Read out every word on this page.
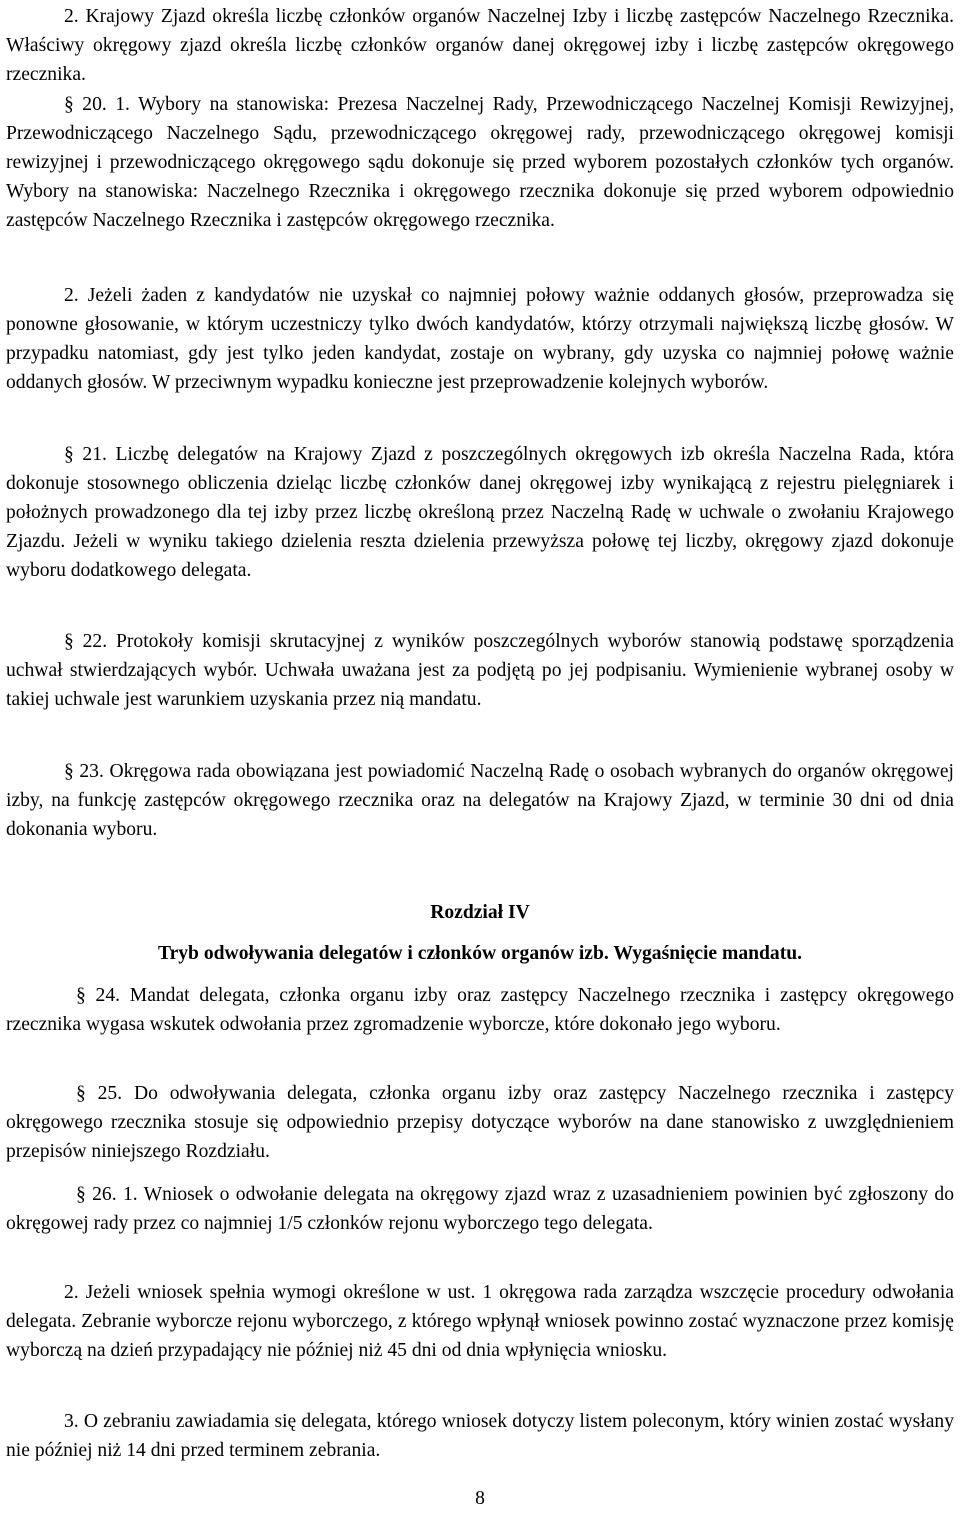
2. Krajowy Zjazd określa liczbę członków organów Naczelnej Izby i liczbę zastępców Naczelnego Rzecznika. Właściwy okręgowy zjazd określa liczbę członków organów danej okręgowej izby i liczbę zastępców okręgowego rzecznika.

§ 20. 1. Wybory na stanowiska: Prezesa Naczelnej Rady, Przewodniczącego Naczelnej Komisji Rewizyjnej, Przewodniczącego Naczelnego Sądu, przewodniczącego okręgowej rady, przewodniczącego okręgowej komisji rewizyjnej i przewodniczącego okręgowego sądu dokonuje się przed wyborem pozostałych członków tych organów. Wybory na stanowiska: Naczelnego Rzecznika i okręgowego rzecznika dokonuje się przed wyborem odpowiednio zastępców Naczelnego Rzecznika i zastępców okręgowego rzecznika.

2. Jeżeli żaden z kandydatów nie uzyskał co najmniej połowy ważnie oddanych głosów, przeprowadza się ponowne głosowanie, w którym uczestniczy tylko dwóch kandydatów, którzy otrzymali największą liczbę głosów. W przypadku natomiast, gdy jest tylko jeden kandydat, zostaje on wybrany, gdy uzyska co najmniej połowę ważnie oddanych głosów. W przeciwnym wypadku konieczne jest przeprowadzenie kolejnych wyborów.

§ 21. Liczbę delegatów na Krajowy Zjazd z poszczególnych okręgowych izb określa Naczelna Rada, która dokonuje stosownego obliczenia dzieląc liczbę członków danej okręgowej izby wynikającą z rejestru pielęgniarek i położnych prowadzonego dla tej izby przez liczbę określoną przez Naczelną Radę w uchwale o zwołaniu Krajowego Zjazdu. Jeżeli w wyniku takiego dzielenia reszta dzielenia przewyższa połowę tej liczby, okręgowy zjazd dokonuje wyboru dodatkowego delegata.

§ 22. Protokoły komisji skrutacyjnej z wyników poszczególnych wyborów stanowią podstawę sporządzenia uchwał stwierdzających wybór. Uchwała uważana jest za podjętą po jej podpisaniu. Wymienienie wybranej osoby w takiej uchwale jest warunkiem uzyskania przez nią mandatu.

§ 23. Okręgowa rada obowiązana jest powiadomić Naczelną Radę o osobach wybranych do organów okręgowej izby, na funkcję zastępców okręgowego rzecznika oraz na delegatów na Krajowy Zjazd, w terminie 30 dni od dnia dokonania wyboru.

Rozdział IV

Tryb odwoływania delegatów i członków organów izb. Wygaśnięcie mandatu.

§ 24. Mandat delegata, członka organu izby oraz zastępcy Naczelnego rzecznika i zastępcy okręgowego rzecznika wygasa wskutek odwołania przez zgromadzenie wyborcze, które dokonało jego wyboru.

§ 25. Do odwoływania delegata, członka organu izby oraz zastępcy Naczelnego rzecznika i zastępcy okręgowego rzecznika stosuje się odpowiednio przepisy dotyczące wyborów na dane stanowisko z uwzględnieniem przepisów niniejszego Rozdziału.

§ 26. 1. Wniosek o odwołanie delegata na okręgowy zjazd wraz z uzasadnieniem powinien być zgłoszony do okręgowej rady przez co najmniej 1/5 członków rejonu wyborczego tego delegata.

2. Jeżeli wniosek spełnia wymogi określone w ust. 1 okręgowa rada zarządza wszczęcie procedury odwołania delegata. Zebranie wyborcze rejonu wyborczego, z którego wpłynął wniosek powinno zostać wyznaczone przez komisję wyborczą na dzień przypadający nie później niż 45 dni od dnia wpłynięcia wniosku.

3. O zebraniu zawiadamia się delegata, którego wniosek dotyczy listem poleconym, który winien zostać wysłany nie później niż 14 dni przed terminem zebrania.

8
